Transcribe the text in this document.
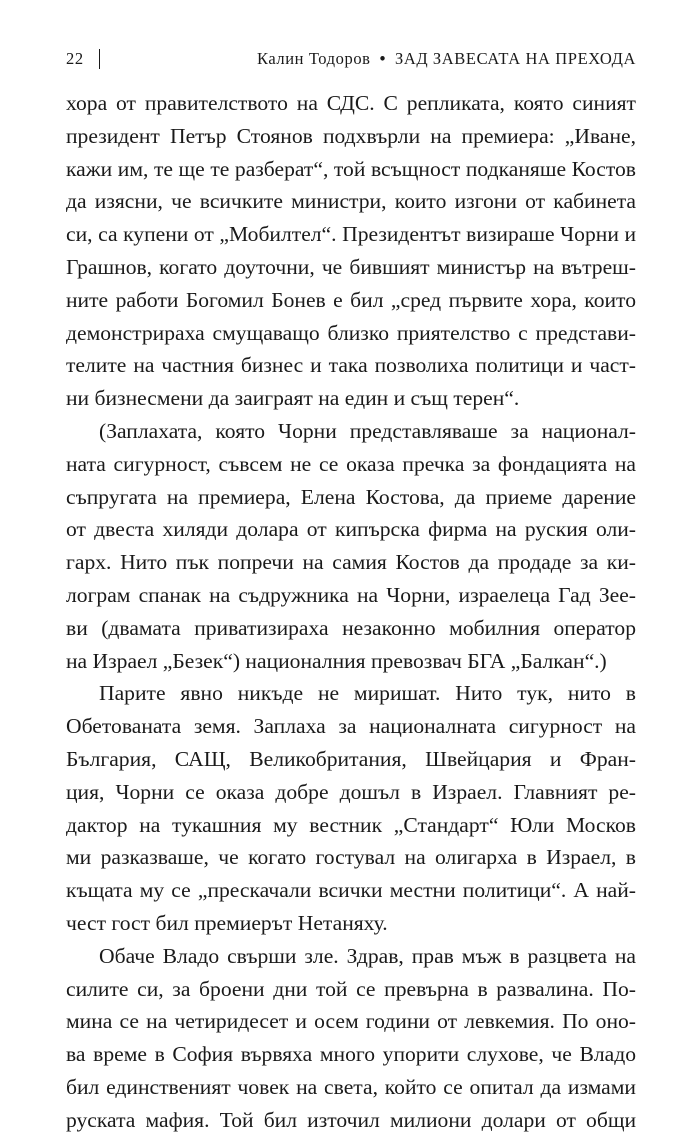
22	Калин Тодоров • ЗАД ЗАВЕСАТА НА ПРЕХОДА
хора от правителството на СДС. С репликата, която синият
президент Петър Стоянов подхвърли на премиера: „Иване,
кажи им, те ще те разберат“, той всъщност подканяше Костов
да изясни, че всичките министри, които изгони от кабинета
си, са купени от „Мобилтел“. Президентът визираше Чорни и
Грашнов, когато доуточни, че бившият министър на вътреш-
ните работи Богомил Бонев е бил „сред първите хора, които
демонстрираха смущаващо близко приятелство с представи-
телите на частния бизнес и така позволиха политици и част-
ни бизнесмени да заиграят на един и същ терен“.
(Заплахата, която Чорни представляваше за национал-
ната сигурност, съвсем не се оказа пречка за фондацията на
съпругата на премиера, Елена Костова, да приеме дарение
от двеста хиляди долара от кипърска фирма на руския оли-
гарх. Нито пък попречи на самия Костов да продаде за ки-
лограм спанак на съдружника на Чорни, израелеца Гад Зее-
ви (двамата приватизираха незаконно мобилния оператор
на Израел „Безек“) националния превозвач БГА „Балкан“.)
Парите явно никъде не миришат. Нито тук, нито в
Обетованата земя. Заплаха за националната сигурност на
България, САЩ, Великобритания, Швейцария и Фран-
ция, Чорни се оказа добре дошъл в Израел. Главният ре-
дактор на тукашния му вестник „Стандарт“ Юли Москов
ми разказваше, че когато гостувал на олигарха в Израел, в
къщата му се „прескачали всички местни политици“. А най-
чест гост бил премиерът Нетаняху.
Обаче Владо свърши зле. Здрав, прав мъж в разцвета на
силите си, за броени дни той се превърна в развалина. По-
мина се на четиридесет и осем години от левкемия. По оно-
ва време в София вървяха много упорити слухове, че Владо
бил единственият човек на света, който се опитал да измами
руската мафия. Той бил източил милиони долари от общи
